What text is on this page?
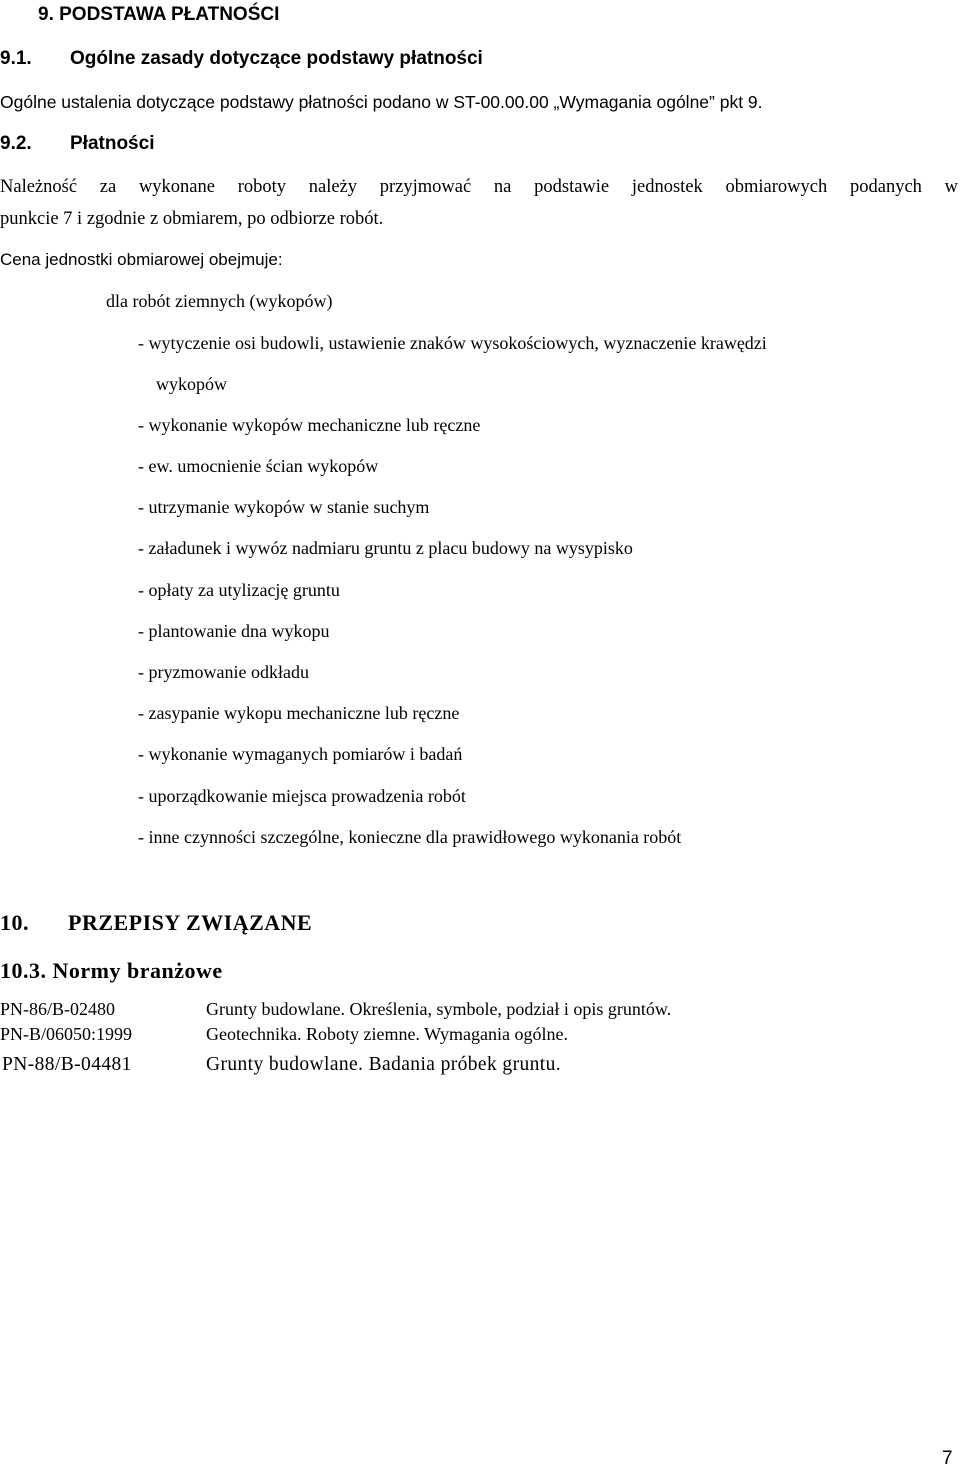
9. PODSTAWA PŁATNOŚCI
9.1. Ogólne zasady dotyczące podstawy płatności
Ogólne ustalenia dotyczące podstawy płatności podano w ST-00.00.00 „Wymagania ogólne” pkt 9.
9.2. Płatności
Należność za wykonane roboty należy przyjmować na podstawie jednostek obmiarowych podanych w
punkcie 7 i zgodnie z obmiarem, po odbiorze robót.
Cena jednostki obmiarowej obejmuje:
dla robót ziemnych (wykopów)
- wytyczenie osi budowli, ustawienie znaków wysokościowych, wyznaczenie krawędzi
wykopów
- wykonanie wykopów mechaniczne lub ręczne
- ew. umocnienie ścian wykopów
- utrzymanie wykopów w stanie suchym
- załadunek i wywóz nadmiaru gruntu z placu budowy na wysypisko
- opłaty za utylizację gruntu
- plantowanie dna wykopu
- pryzmowanie odkładu
- zasypanie wykopu mechaniczne lub ręczne
- wykonanie wymaganych pomiarów i badań
- uporządkowanie miejsca prowadzenia robót
- inne czynności szczególne, konieczne dla prawidłowego wykonania robót
10. PRZEPISY ZWIĄZANE
10.3. Normy branżowe
PN-86/B-02480	Grunty budowlane. Określenia, symbole, podział i opis gruntów.
PN-B/06050:1999	Geotechnika. Roboty ziemne. Wymagania ogólne.
PN-88/B-04481	Grunty budowlane. Badania próbek gruntu.
7
